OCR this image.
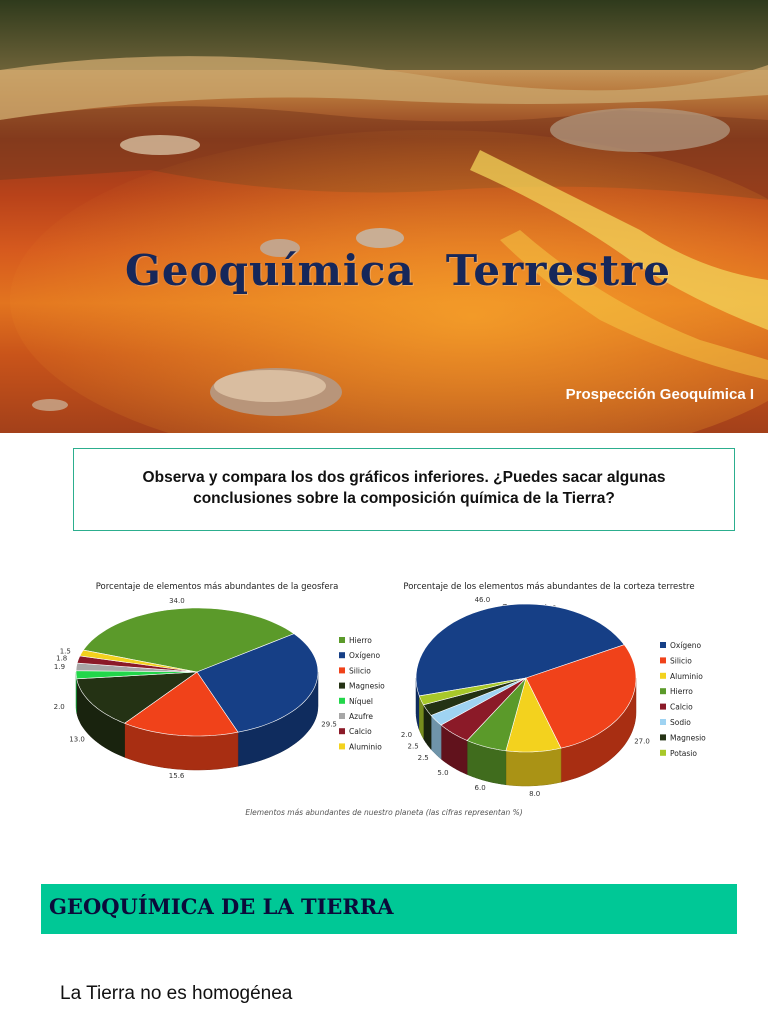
Geoquímica  Terrestre
Prospección Geoquímica I
Observa y compara los dos gráficos inferiores. ¿Puedes sacar algunas
conclusiones sobre la composición química de la Tierra?
Porcentaje de elementos más abundantes de la geosfera	Porcentaje de los elementos más abundantes de la corteza terrestre
34.0
29.5
15.6
13.0
2.0
1.9
1.8
1.5
Hierro
Oxígeno
Silicio
Magnesio
Níquel
Azufre
Calcio
Aluminio
46.0
27.0
8.0
6.0
5.0
2.5
2.5
2.0
Oxígeno
Silicio
Aluminio
Hierro
Calcio
Sodio
Magnesio
Potasio
Elementos más abundantes de nuestro planeta (las cifras representan %)
GEOQUÍMICA DE LA TIERRA
La Tierra no es homogénea
